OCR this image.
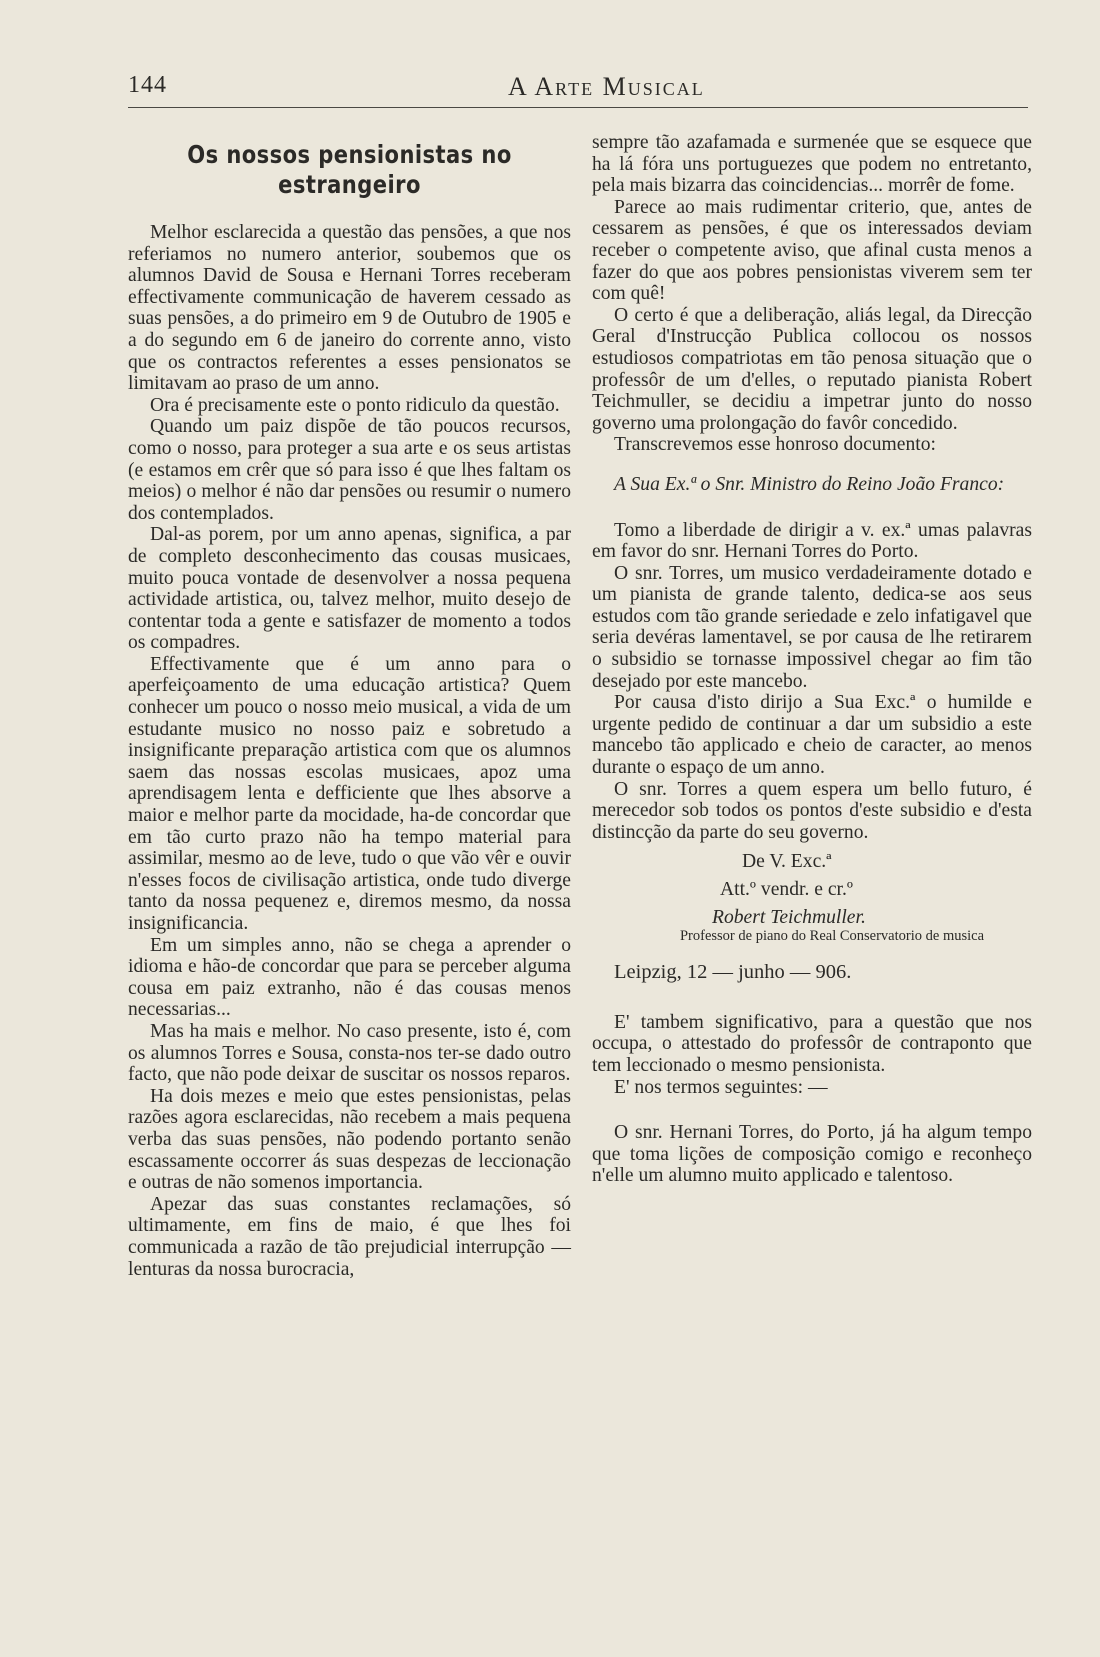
144	A Arte Musical
Os nossos pensionistas no estrangeiro

Melhor esclarecida a questão das pensões, a que nos referiamos no numero anterior, soubemos que os alumnos David de Sousa e Hernani Torres receberam effectivamente communicação de haverem cessado as suas pensões, a do primeiro em 9 de Outubro de 1905 e a do segundo em 6 de janeiro do corrente anno, visto que os contractos referentes a esses pensionatos se limitavam ao praso de um anno.

Ora é precisamente este o ponto ridiculo da questão.

Quando um paiz dispõe de tão poucos recursos, como o nosso, para proteger a sua arte e os seus artistas (e estamos em crêr que só para isso é que lhes faltam os meios) o melhor é não dar pensões ou resumir o numero dos contemplados.

Dal-as porem, por um anno apenas, significa, a par de completo desconhecimento das cousas musicaes, muito pouca vontade de desenvolver a nossa pequena actividade artistica, ou, talvez melhor, muito desejo de contentar toda a gente e satisfazer de momento a todos os compadres.

Effectivamente que é um anno para o aperfeiçoamento de uma educação artistica? Quem conhecer um pouco o nosso meio musical, a vida de um estudante musico no nosso paiz e sobretudo a insignificante preparação artistica com que os alumnos saem das nossas escolas musicaes, apoz uma aprendisagem lenta e defficiente que lhes absorve a maior e melhor parte da mocidade, ha-de concordar que em tão curto prazo não ha tempo material para assimilar, mesmo ao de leve, tudo o que vão vêr e ouvir n'esses focos de civilisação artistica, onde tudo diverge tanto da nossa pequenez e, diremos mesmo, da nossa insignificancia.

Em um simples anno, não se chega a aprender o idioma e hão-de concordar que para se perceber alguma cousa em paiz extranho, não é das cousas menos necessarias...

Mas ha mais e melhor. No caso presente, isto é, com os alumnos Torres e Sousa, consta-nos ter-se dado outro facto, que não pode deixar de suscitar os nossos reparos.

Ha dois mezes e meio que estes pensionistas, pelas razões agora esclarecidas, não recebem a mais pequena verba das suas pensões, não podendo portanto senão escassamente occorrer ás suas despezas de leccionação e outras de não somenos importancia.

Apezar das suas constantes reclamações, só ultimamente, em fins de maio, é que lhes foi communicada a razão de tão prejudicial interrupção — lenturas da nossa burocracia,

sempre tão azafamada e surmenée que se esquece que ha lá fóra uns portuguezes que podem no entretanto, pela mais bizarra das coincidencias... morrêr de fome.

Parece ao mais rudimentar criterio, que, antes de cessarem as pensões, é que os interessados deviam receber o competente aviso, que afinal custa menos a fazer do que aos pobres pensionistas viverem sem ter com quê!

O certo é que a deliberação, aliás legal, da Direcção Geral d'Instrucção Publica collocou os nossos estudiosos compatriotas em tão penosa situação que o professôr de um d'elles, o reputado pianista Robert Teichmuller, se decidiu a impetrar junto do nosso governo uma prolongação do favôr concedido.

Transcrevemos esse honroso documento:

A Sua Ex.ª o Snr. Ministro do Reino João Franco:

Tomo a liberdade de dirigir a v. ex.ª umas palavras em favor do snr. Hernani Torres do Porto.

O snr. Torres, um musico verdadeiramente dotado e um pianista de grande talento, dedica-se aos seus estudos com tão grande seriedade e zelo infatigavel que seria devéras lamentavel, se por causa de lhe retirarem o subsidio se tornasse impossivel chegar ao fim tão desejado por este mancebo.

Por causa d'isto dirijo a Sua Exc.ª o humilde e urgente pedido de continuar a dar um subsidio a este mancebo tão applicado e cheio de caracter, ao menos durante o espaço de um anno.

O snr. Torres a quem espera um bello futuro, é merecedor sob todos os pontos d'este subsidio e d'esta distincção da parte do seu governo.

De V. Exc.ª

Att.º vendr. e cr.º

Robert Teichmuller.

Professor de piano do Real Conservatorio de musica

Leipzig, 12 — junho — 906.

E' tambem significativo, para a questão que nos occupa, o attestado do professôr de contraponto que tem leccionado o mesmo pensionista.

E' nos termos seguintes: —

O snr. Hernani Torres, do Porto, já ha algum tempo que toma lições de composição comigo e reconheço n'elle um alumno muito applicado e talentoso.
